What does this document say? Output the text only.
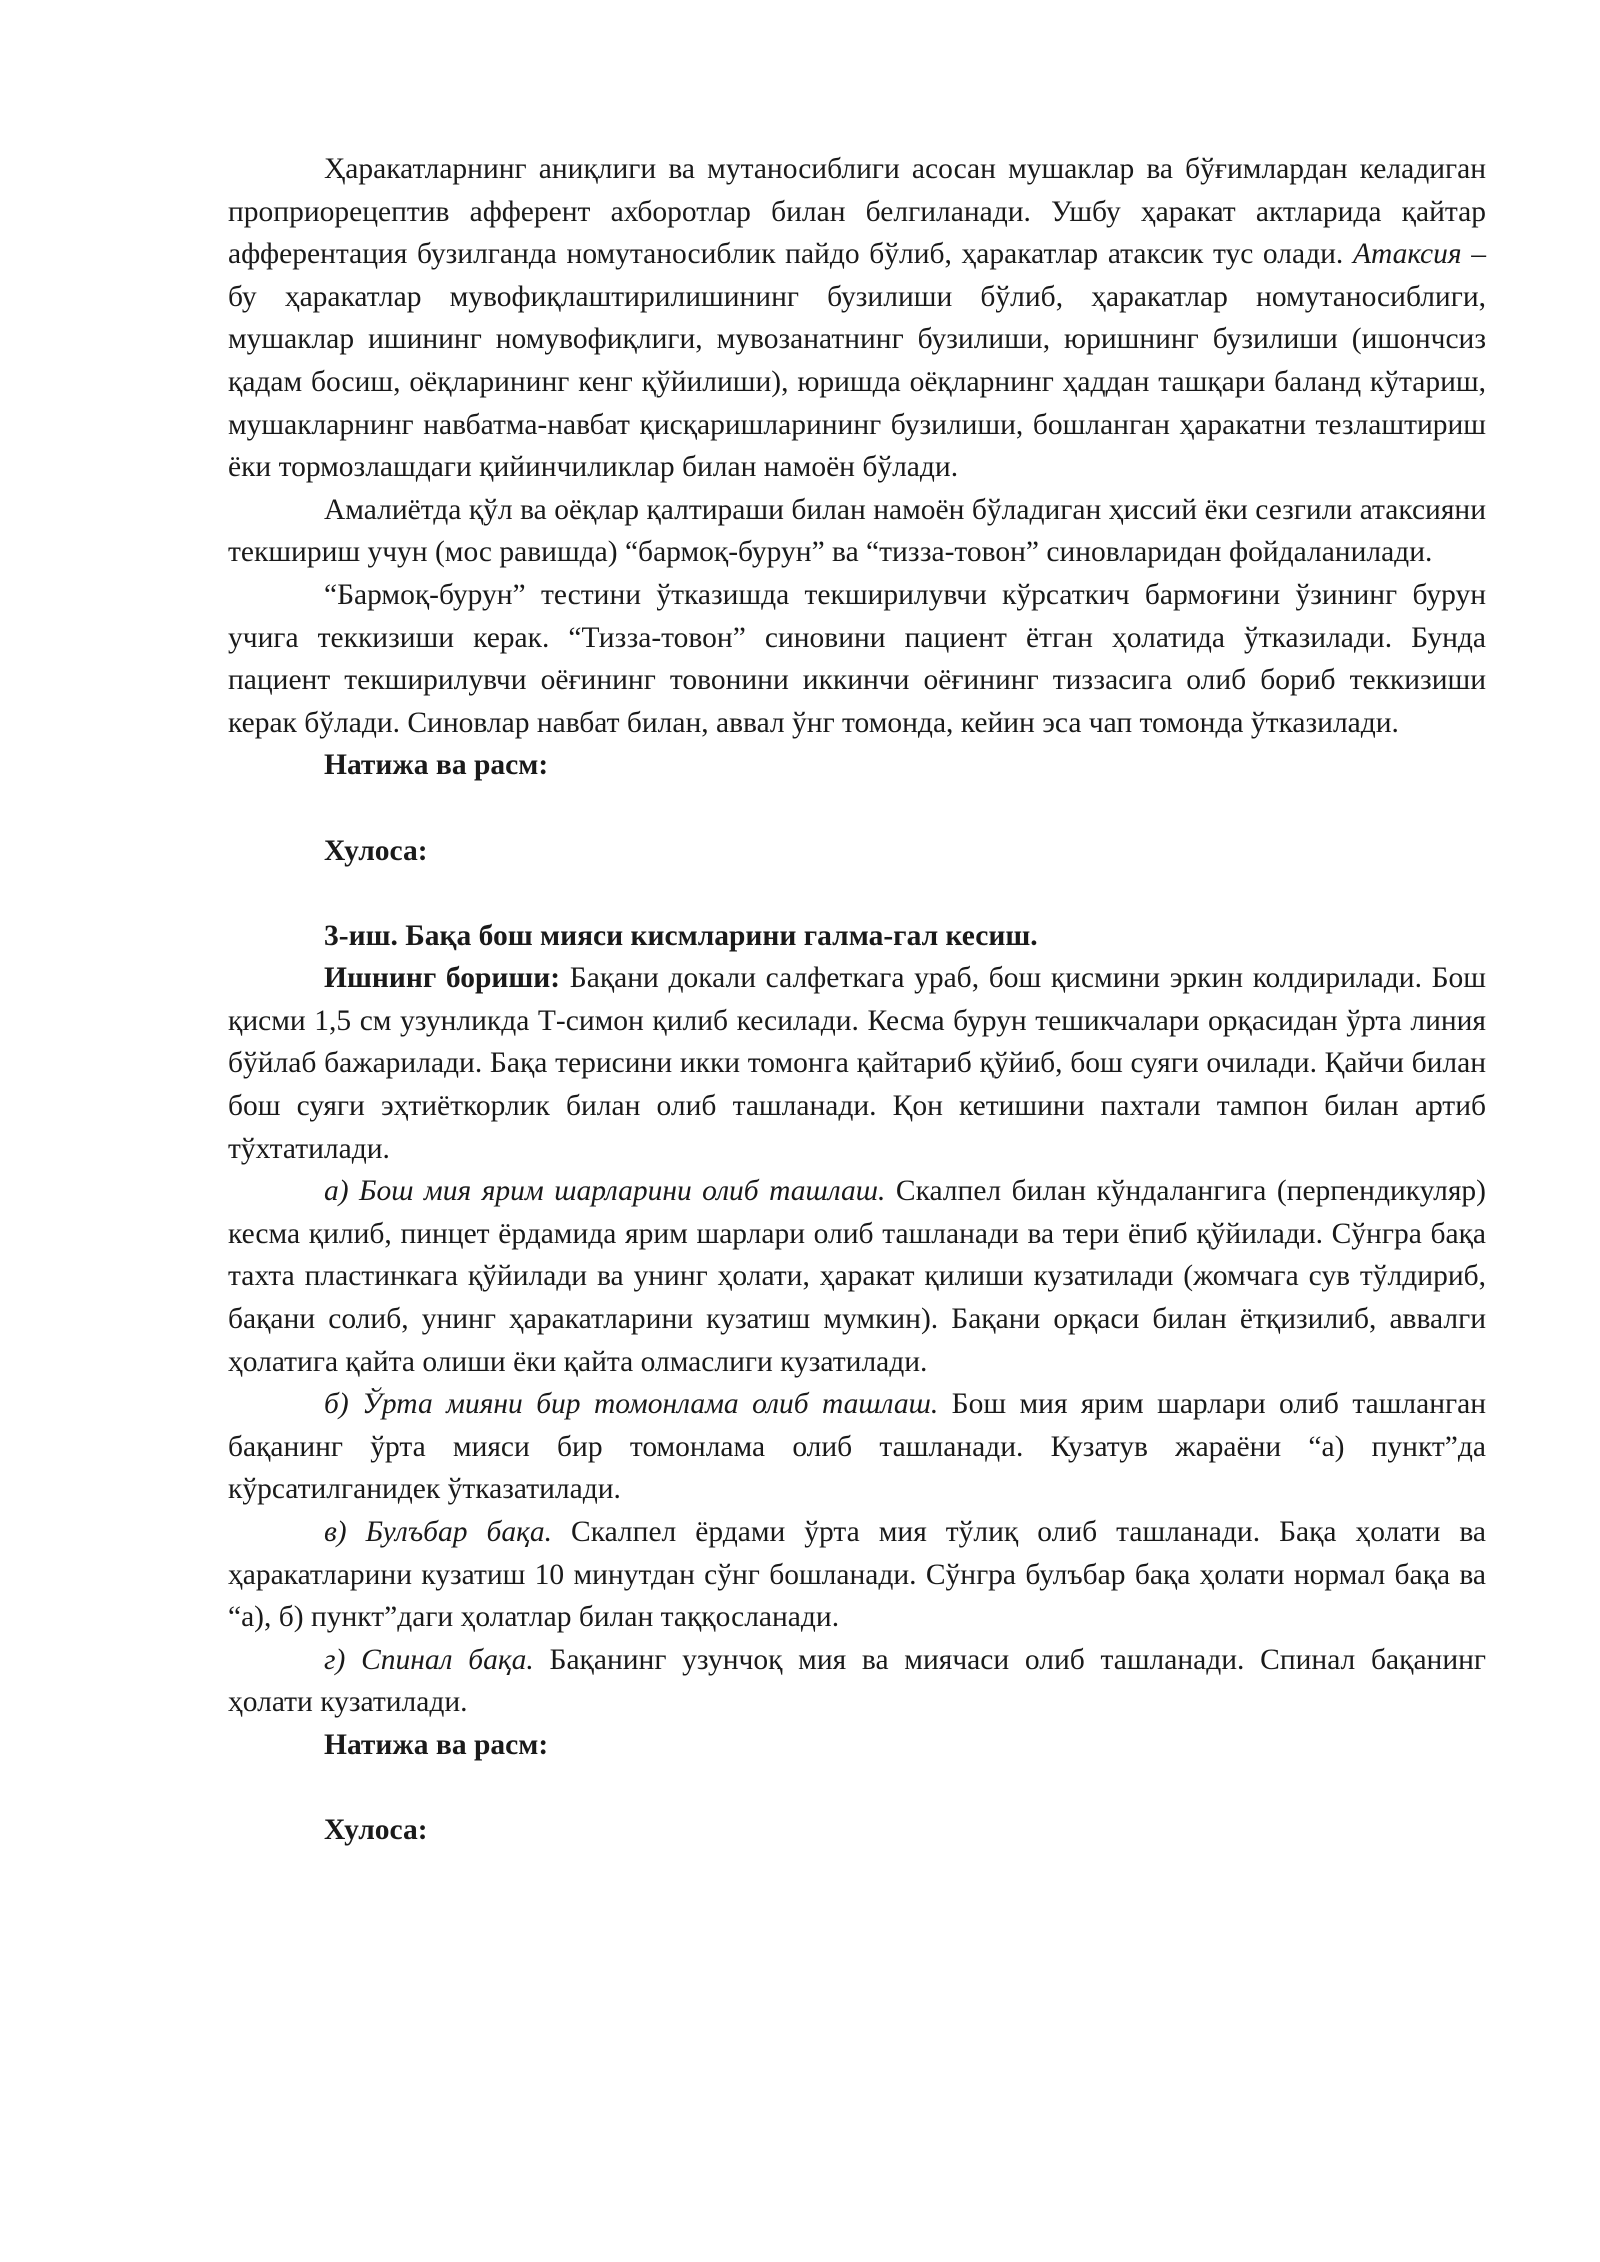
Ҳаракатларнинг аниқлиги ва мутаносиблиги асосан мушаклар ва бўғимлардан келадиган проприорецептив афферент ахборотлар билан белгиланади. Ушбу ҳаракат актларида қайтар афферентация бузилганда номутаносиблик пайдо бўлиб, ҳаракатлар атаксик тус олади. Атаксия – бу ҳаракатлар мувофиқлаштирилишининг бузилиши бўлиб, ҳаракатлар номутаносиблиги, мушаклар ишининг номувофиқлиги, мувозанатнинг бузилиши, юришнинг бузилиши (ишончсиз қадам босиш, оёқларининг кенг қўйилиши), юришда оёқларнинг ҳаддан ташқари баланд кўтариш, мушакларнинг навбатма-навбат қисқаришларининг бузилиши, бошланган ҳаракатни тезлаштириш ёки тормозлашдаги қийинчиликлар билан намоён бўлади.

Амалиётда қўл ва оёқлар қалтираши билан намоён бўладиган ҳиссий ёки сезгили атаксияни текшириш учун (мос равишда) “бармоқ-бурун” ва “тизза-товон” синовларидан фойдаланилади.

“Бармоқ-бурун” тестини ўтказишда текширилувчи кўрсаткич бармоғини ўзининг бурун учига теккизиши керак. “Тизза-товон” синовини пациент ётган ҳолатида ўтказилади. Бунда пациент текширилувчи оёғининг товонини иккинчи оёғининг тиззасига олиб бориб теккизиши керак бўлади. Синовлар навбат билан, аввал ўнг томонда, кейин эса чап томонда ўтказилади.

Натижа ва расм:

Хулоса:

3-иш. Бақа бош мияси кисмларини галма-гал кесиш.

Ишнинг бориши: Бақани докали салфеткага ураб, бош қисмини эркин колдирилади. Бош қисми 1,5 см узунликда Т-симон қилиб кесилади. Кесма бурун тешикчалари орқасидан ўрта линия бўйлаб бажарилади. Бақа терисини икки томонга қайтариб қўйиб, бош суяги очилади. Қайчи билан бош суяги эҳтиёткорлик билан олиб ташланади. Қон кетишини пахтали тампон билан артиб тўхтатилади.

а) Бош мия ярим шарларини олиб ташлаш. Скалпел билан кўндалангига (перпендикуляр) кесма қилиб, пинцет ёрдамида ярим шарлари олиб ташланади ва тери ёпиб қўйилади. Сўнгра бақа тахта пластинкага қўйилади ва унинг ҳолати, ҳаракат қилиши кузатилади (жомчага сув тўлдириб, бақани солиб, унинг ҳаракатларини кузатиш мумкин). Бақани орқаси билан ётқизилиб, аввалги ҳолатига қайта олиши ёки қайта олмаслиги кузатилади.

б) Ўрта мияни бир томонлама олиб ташлаш. Бош мия ярим шарлари олиб ташланган бақанинг ўрта мияси бир томонлама олиб ташланади. Кузатув жараёни “а) пункт”да кўрсатилганидек ўтказатилади.

в) Булъбар бақа. Скалпел ёрдами ўрта мия тўлиқ олиб ташланади. Бақа ҳолати ва ҳаракатларини кузатиш 10 минутдан сўнг бошланади. Сўнгра булъбар бақа ҳолати нормал бақа ва “а), б) пункт”даги ҳолатлар билан таққосланади.

г) Спинал бақа. Бақанинг узунчоқ мия ва миячаси олиб ташланади. Спинал бақанинг ҳолати кузатилади.

Натижа ва расм:

Хулоса:
